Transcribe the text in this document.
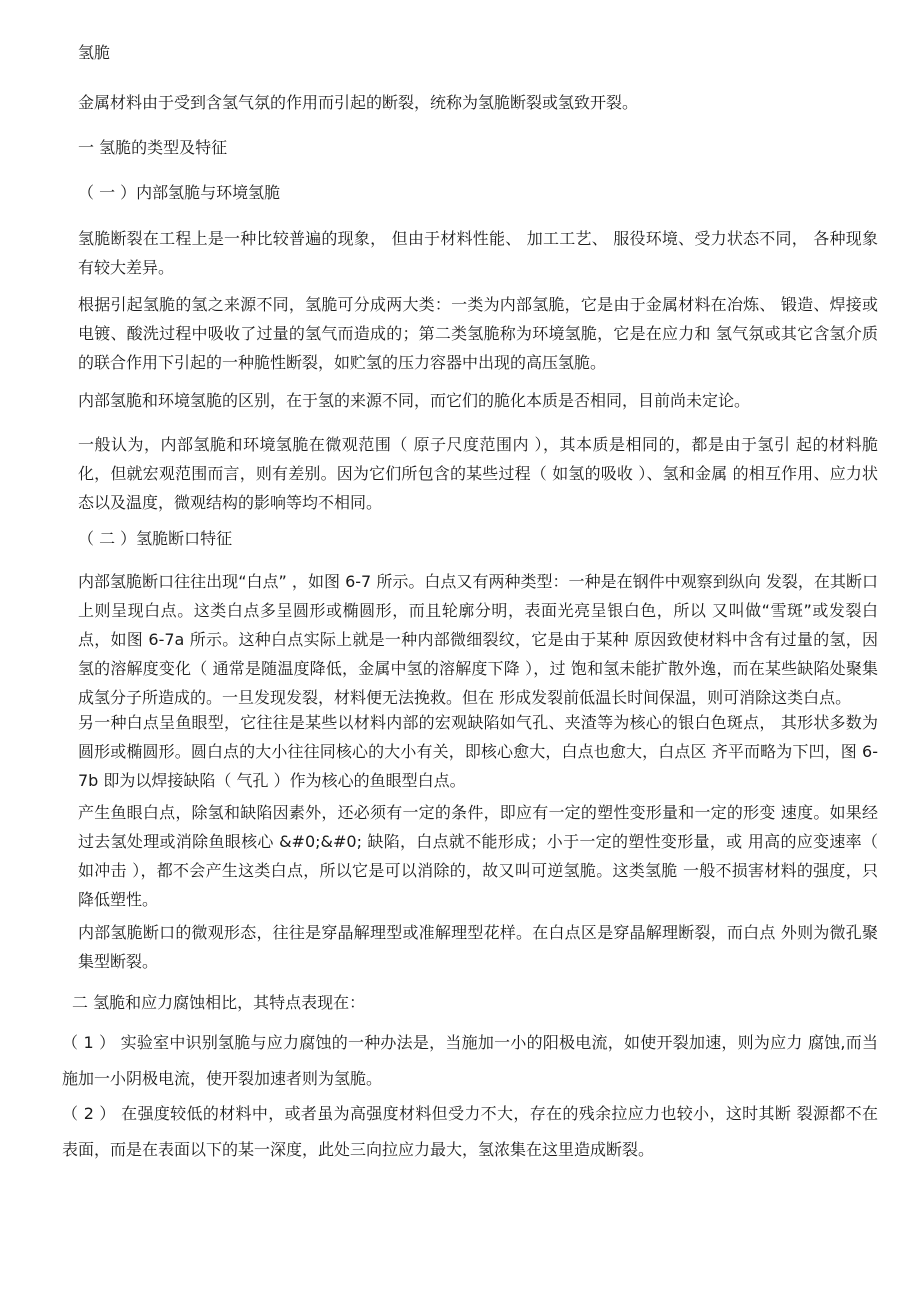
氢脆

金属材料由于受到含氢气氛的作用而引起的断裂，统称为氢脆断裂或氢致开裂。

一 氢脆的类型及特征

（ 一 ）内部氢脆与环境氢脆

氢脆断裂在工程上是一种比较普遍的现象， 但由于材料性能、 加工工艺、 服役环境、受力状态不同， 各种现象有较大差异。

根据引起氢脆的氢之来源不同，氢脆可分成两大类：一类为内部氢脆，它是由于金属材料在冶炼、 锻造、焊接或电镀、酸洗过程中吸收了过量的氢气而造成的；第二类氢脆称为环境氢脆，它是在应力和 氢气氛或其它含氢介质的联合作用下引起的一种脆性断裂，如贮氢的压力容器中出现的高压氢脆。

内部氢脆和环境氢脆的区别，在于氢的来源不同，而它们的脆化本质是否相同，目前尚未定论。

一般认为，内部氢脆和环境氢脆在微观范围（ 原子尺度范围内 ），其本质是相同的，都是由于氢引 起的材料脆化，但就宏观范围而言，则有差别。因为它们所包含的某些过程（ 如氢的吸收 ）、氢和金属 的相互作用、应力状态以及温度，微观结构的影响等均不相同。

（ 二 ）氢脆断口特征

内部氢脆断口往往出现“白点” ，如图 6-7 所示。白点又有两种类型：一种是在钢件中观察到纵向 发裂，在其断口上则呈现白点。这类白点多呈圆形或椭圆形，而且轮廓分明，表面光亮呈银白色，所以 又叫做“雪斑”或发裂白点，如图 6-7a 所示。这种白点实际上就是一种内部微细裂纹，它是由于某种 原因致使材料中含有过量的氢，因氢的溶解度变化（ 通常是随温度降低，金属中氢的溶解度下降 ），过 饱和氢未能扩散外逸，而在某些缺陷处聚集成氢分子所造成的。一旦发现发裂，材料便无法挽救。但在 形成发裂前低温长时间保温，则可消除这类白点。

另一种白点呈鱼眼型，它往往是某些以材料内部的宏观缺陷如气孔、夹渣等为核心的银白色斑点， 其形状多数为圆形或椭圆形。圆白点的大小往往同核心的大小有关，即核心愈大，白点也愈大，白点区 齐平而略为下凹，图 6-7b 即为以焊接缺陷（ 气孔 ）作为核心的鱼眼型白点。

产生鱼眼白点，除氢和缺陷因素外，还必须有一定的条件，即应有一定的塑性变形量和一定的形变 速度。如果经过去氢处理或消除鱼眼核心 &#0;&#0; 缺陷，白点就不能形成；小于一定的塑性变形量，或 用高的应变速率（ 如冲击 ），都不会产生这类白点，所以它是可以消除的，故又叫可逆氢脆。这类氢脆 一般不损害材料的强度，只降低塑性。

内部氢脆断口的微观形态，往往是穿晶解理型或准解理型花样。在白点区是穿晶解理断裂，而白点 外则为微孔聚集型断裂。

二 氢脆和应力腐蚀相比，其特点表现在：

（ 1 ） 实验室中识别氢脆与应力腐蚀的一种办法是，当施加一小的阳极电流，如使开裂加速，则为应力 腐蚀,而当
施加一小阴极电流，使开裂加速者则为氢脆。
（ 2 ） 在强度较低的材料中，或者虽为高强度材料但受力不大，存在的残余拉应力也较小，这时其断 裂源都不在
表面，而是在表面以下的某一深度，此处三向拉应力最大，氢浓集在这里造成断裂。
